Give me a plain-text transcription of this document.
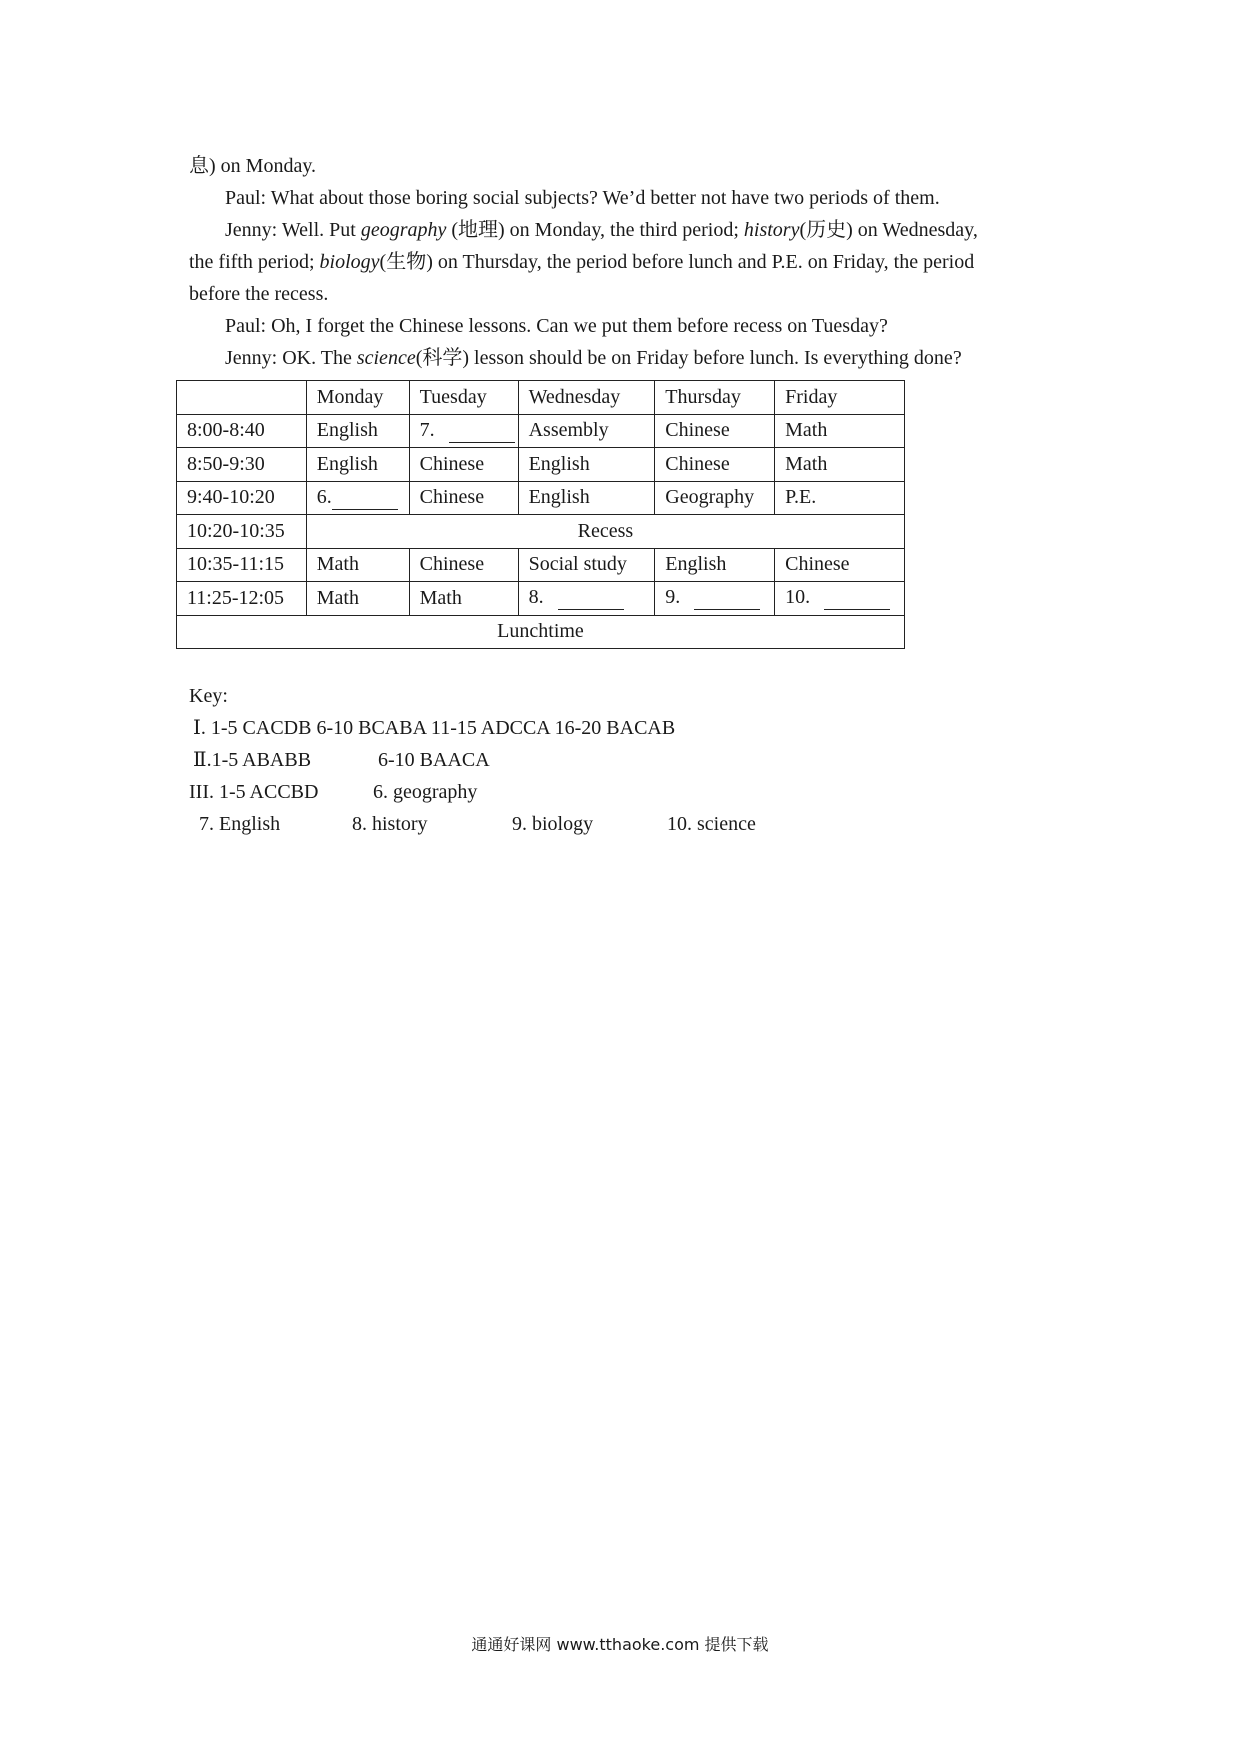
息) on Monday.
Paul: What about those boring social subjects? We’d better not have two periods of them.
Jenny: Well. Put geography (地理) on Monday, the third period; history(历史) on Wednesday,
the fifth period; biology(生物) on Thursday, the period before lunch and P.E. on Friday, the period
before the recess.
Paul: Oh, I forget the Chinese lessons. Can we put them before recess on Tuesday?
Jenny: OK. The science(科学) lesson should be on Friday before lunch. Is everything done?
	Monday	Tuesday	Wednesday	Thursday	Friday
8:00-8:40	English	7.	Assembly	Chinese	Math
8:50-9:30	English	Chinese	English	Chinese	Math
9:40-10:20	6.	Chinese	English	Geography	P.E.
10:20-10:35	Recess				
10:35-11:15	Math	Chinese	Social study	English	Chinese
11:25-12:05	Math	Math	8.	9.	10.
Lunchtime					
Key:
Ⅰ. 1-5 CACDB 6-10 BCABA 11-15 ADCCA 16-20 BACAB
Ⅱ.1-5 ABABB	6-10 BAACA
III. 1-5 ACCBD	6. geography
7. English	8. history	9. biology	10. science
通通好课网 www.tthaoke.com 提供下载
